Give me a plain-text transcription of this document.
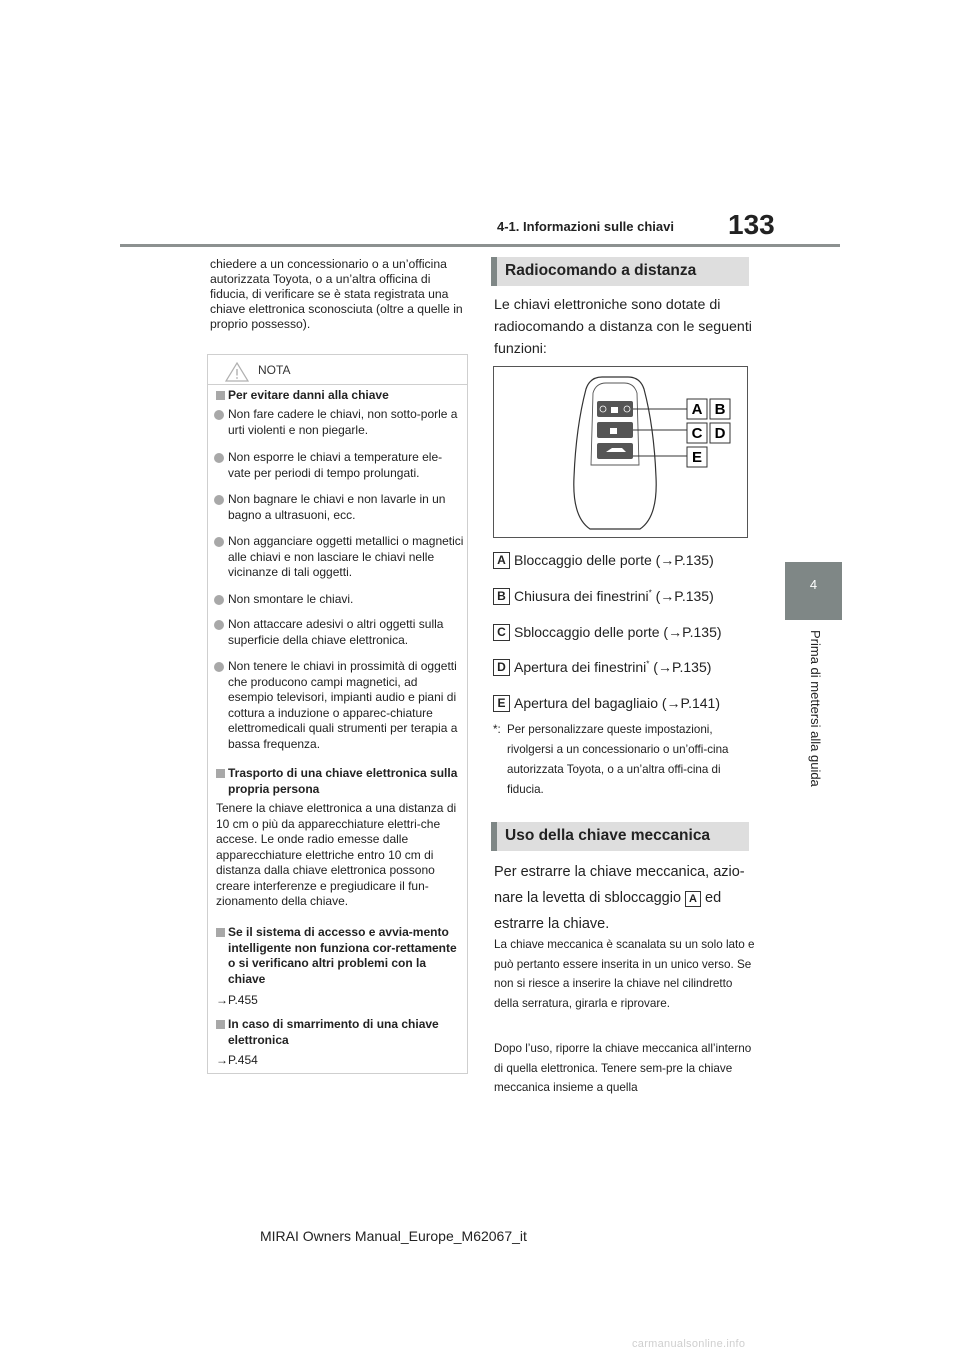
4-1. Informazioni sulle chiavi 133
4
Prima di mettersi alla guida
chiedere a un concessionario o a un’officina autorizzata Toyota, o a un’altra officina di fiducia, di verificare se è stata registrata una chiave elettronica sconosciuta (oltre a quelle in proprio possesso).
NOTA
Per evitare danni alla chiave
Non fare cadere le chiavi, non sotto-porle a urti violenti e non piegarle.
Non esporre le chiavi a temperature ele-vate per periodi di tempo prolungati.
Non bagnare le chiavi e non lavarle in un bagno a ultrasuoni, ecc.
Non agganciare oggetti metallici o magnetici alle chiavi e non lasciare le chiavi nelle vicinanze di tali oggetti.
Non smontare le chiavi.
Non attaccare adesivi o altri oggetti sulla superficie della chiave elettronica.
Non tenere le chiavi in prossimità di oggetti che producono campi magnetici, ad esempio televisori, impianti audio e piani di cottura a induzione o apparec-chiature elettromedicali quali strumenti per terapia a bassa frequenza.
Trasporto di una chiave elettronica sulla propria persona
Tenere la chiave elettronica a una distanza di 10 cm o più da apparecchiature elettri-che accese. Le onde radio emesse dalle apparecchiature elettriche entro 10 cm di distanza dalla chiave elettronica possono creare interferenze e pregiudicare il fun-zionamento della chiave.
Se il sistema di accesso e avvia-mento intelligente non funziona cor-rettamente o si verificano altri problemi con la chiave
→P.455
In caso di smarrimento di una chiave elettronica
→P.454
Radiocomando a distanza
Le chiavi elettroniche sono dotate di radiocomando a distanza con le seguenti funzioni:
A B
C D
E
A Bloccaggio delle porte (→P.135)
B Chiusura dei finestrini* (→P.135)
C Sbloccaggio delle porte (→P.135)
D Apertura dei finestrini* (→P.135)
E Apertura del bagagliaio (→P.141)
*: Per personalizzare queste impostazioni, rivolgersi a un concessionario o un’offi-cina autorizzata Toyota, o a un’altra offi-cina di fiducia.
Uso della chiave meccanica
Per estrarre la chiave meccanica, azio-nare la levetta di sbloccaggio A ed estrarre la chiave.
La chiave meccanica è scanalata su un solo lato e può pertanto essere inserita in un unico verso. Se non si riesce a inserire la chiave nel cilindretto della serratura, girarla e riprovare.
Dopo l’uso, riporre la chiave meccanica all’interno di quella elettronica. Tenere sem-pre la chiave meccanica insieme a quella
MIRAI Owners Manual_Europe_M62067_it
carmanualsonline.info
